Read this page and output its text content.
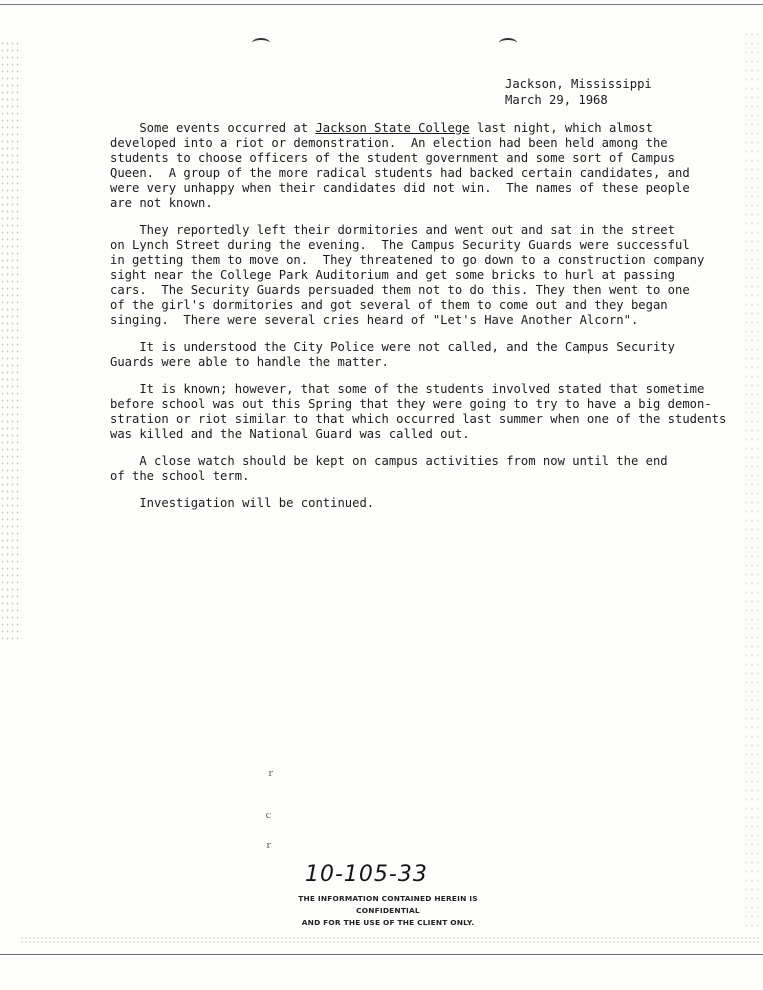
Jackson, Mississippi
March 29, 1968
Some events occurred at Jackson State College last night, which almost
developed into a riot or demonstration.  An election had been held among the
students to choose officers of the student government and some sort of Campus
Queen.  A group of the more radical students had backed certain candidates, and
were very unhappy when their candidates did not win.  The names of these people
are not known.
They reportedly left their dormitories and went out and sat in the street
on Lynch Street during the evening.  The Campus Security Guards were successful
in getting them to move on.  They threatened to go down to a construction company
sight near the College Park Auditorium and get some bricks to hurl at passing
cars.  The Security Guards persuaded them not to do this. They then went to one
of the girl's dormitories and got several of them to come out and they began
singing.  There were several cries heard of "Let's Have Another Alcorn".
It is understood the City Police were not called, and the Campus Security
Guards were able to handle the matter.
It is known; however, that some of the students involved stated that sometime
before school was out this Spring that they were going to try to have a big demon-
stration or riot similar to that which occurred last summer when one of the students
was killed and the National Guard was called out.
A close watch should be kept on campus activities from now until the end
of the school term.
Investigation will be continued.
10-105-33
THE INFORMATION CONTAINED HEREIN IS CONFIDENTIAL
AND FOR THE USE OF THE CLIENT ONLY.
ｒ
ｃ
ｒ
